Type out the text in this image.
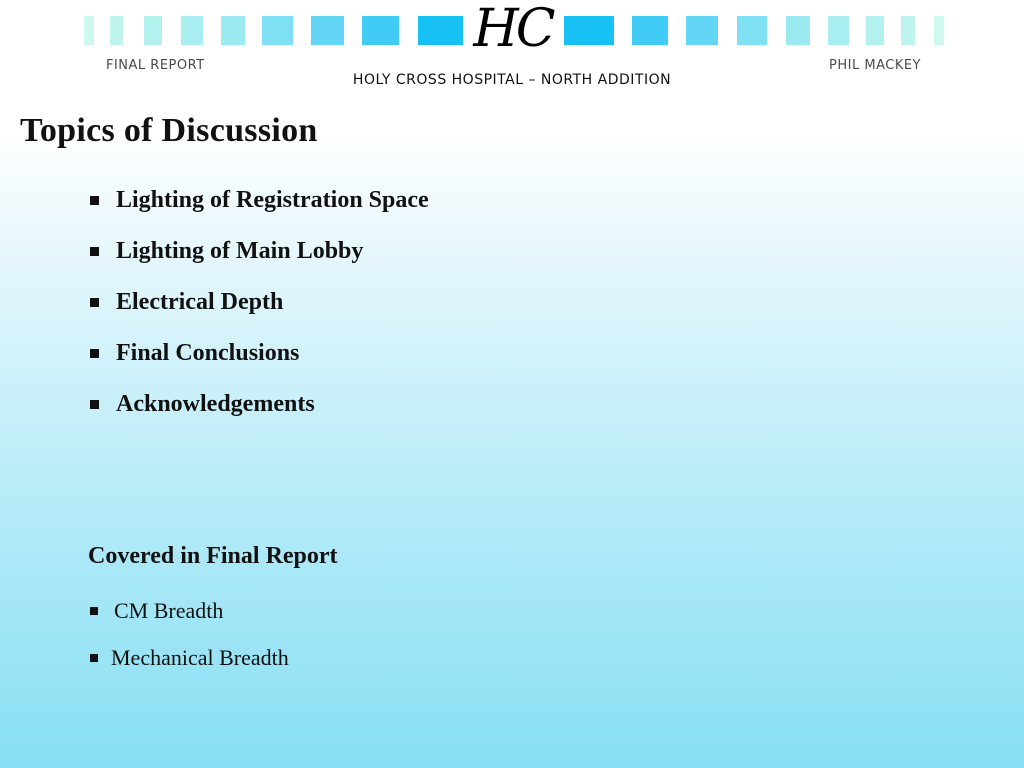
HC
FINAL REPORT	PHIL MACKEY
HOLY CROSS HOSPITAL – NORTH ADDITION
Topics of Discussion
Lighting of Registration Space
Lighting of Main Lobby
Electrical Depth
Final Conclusions
Acknowledgements
Covered in Final Report
CM Breadth
Mechanical Breadth
